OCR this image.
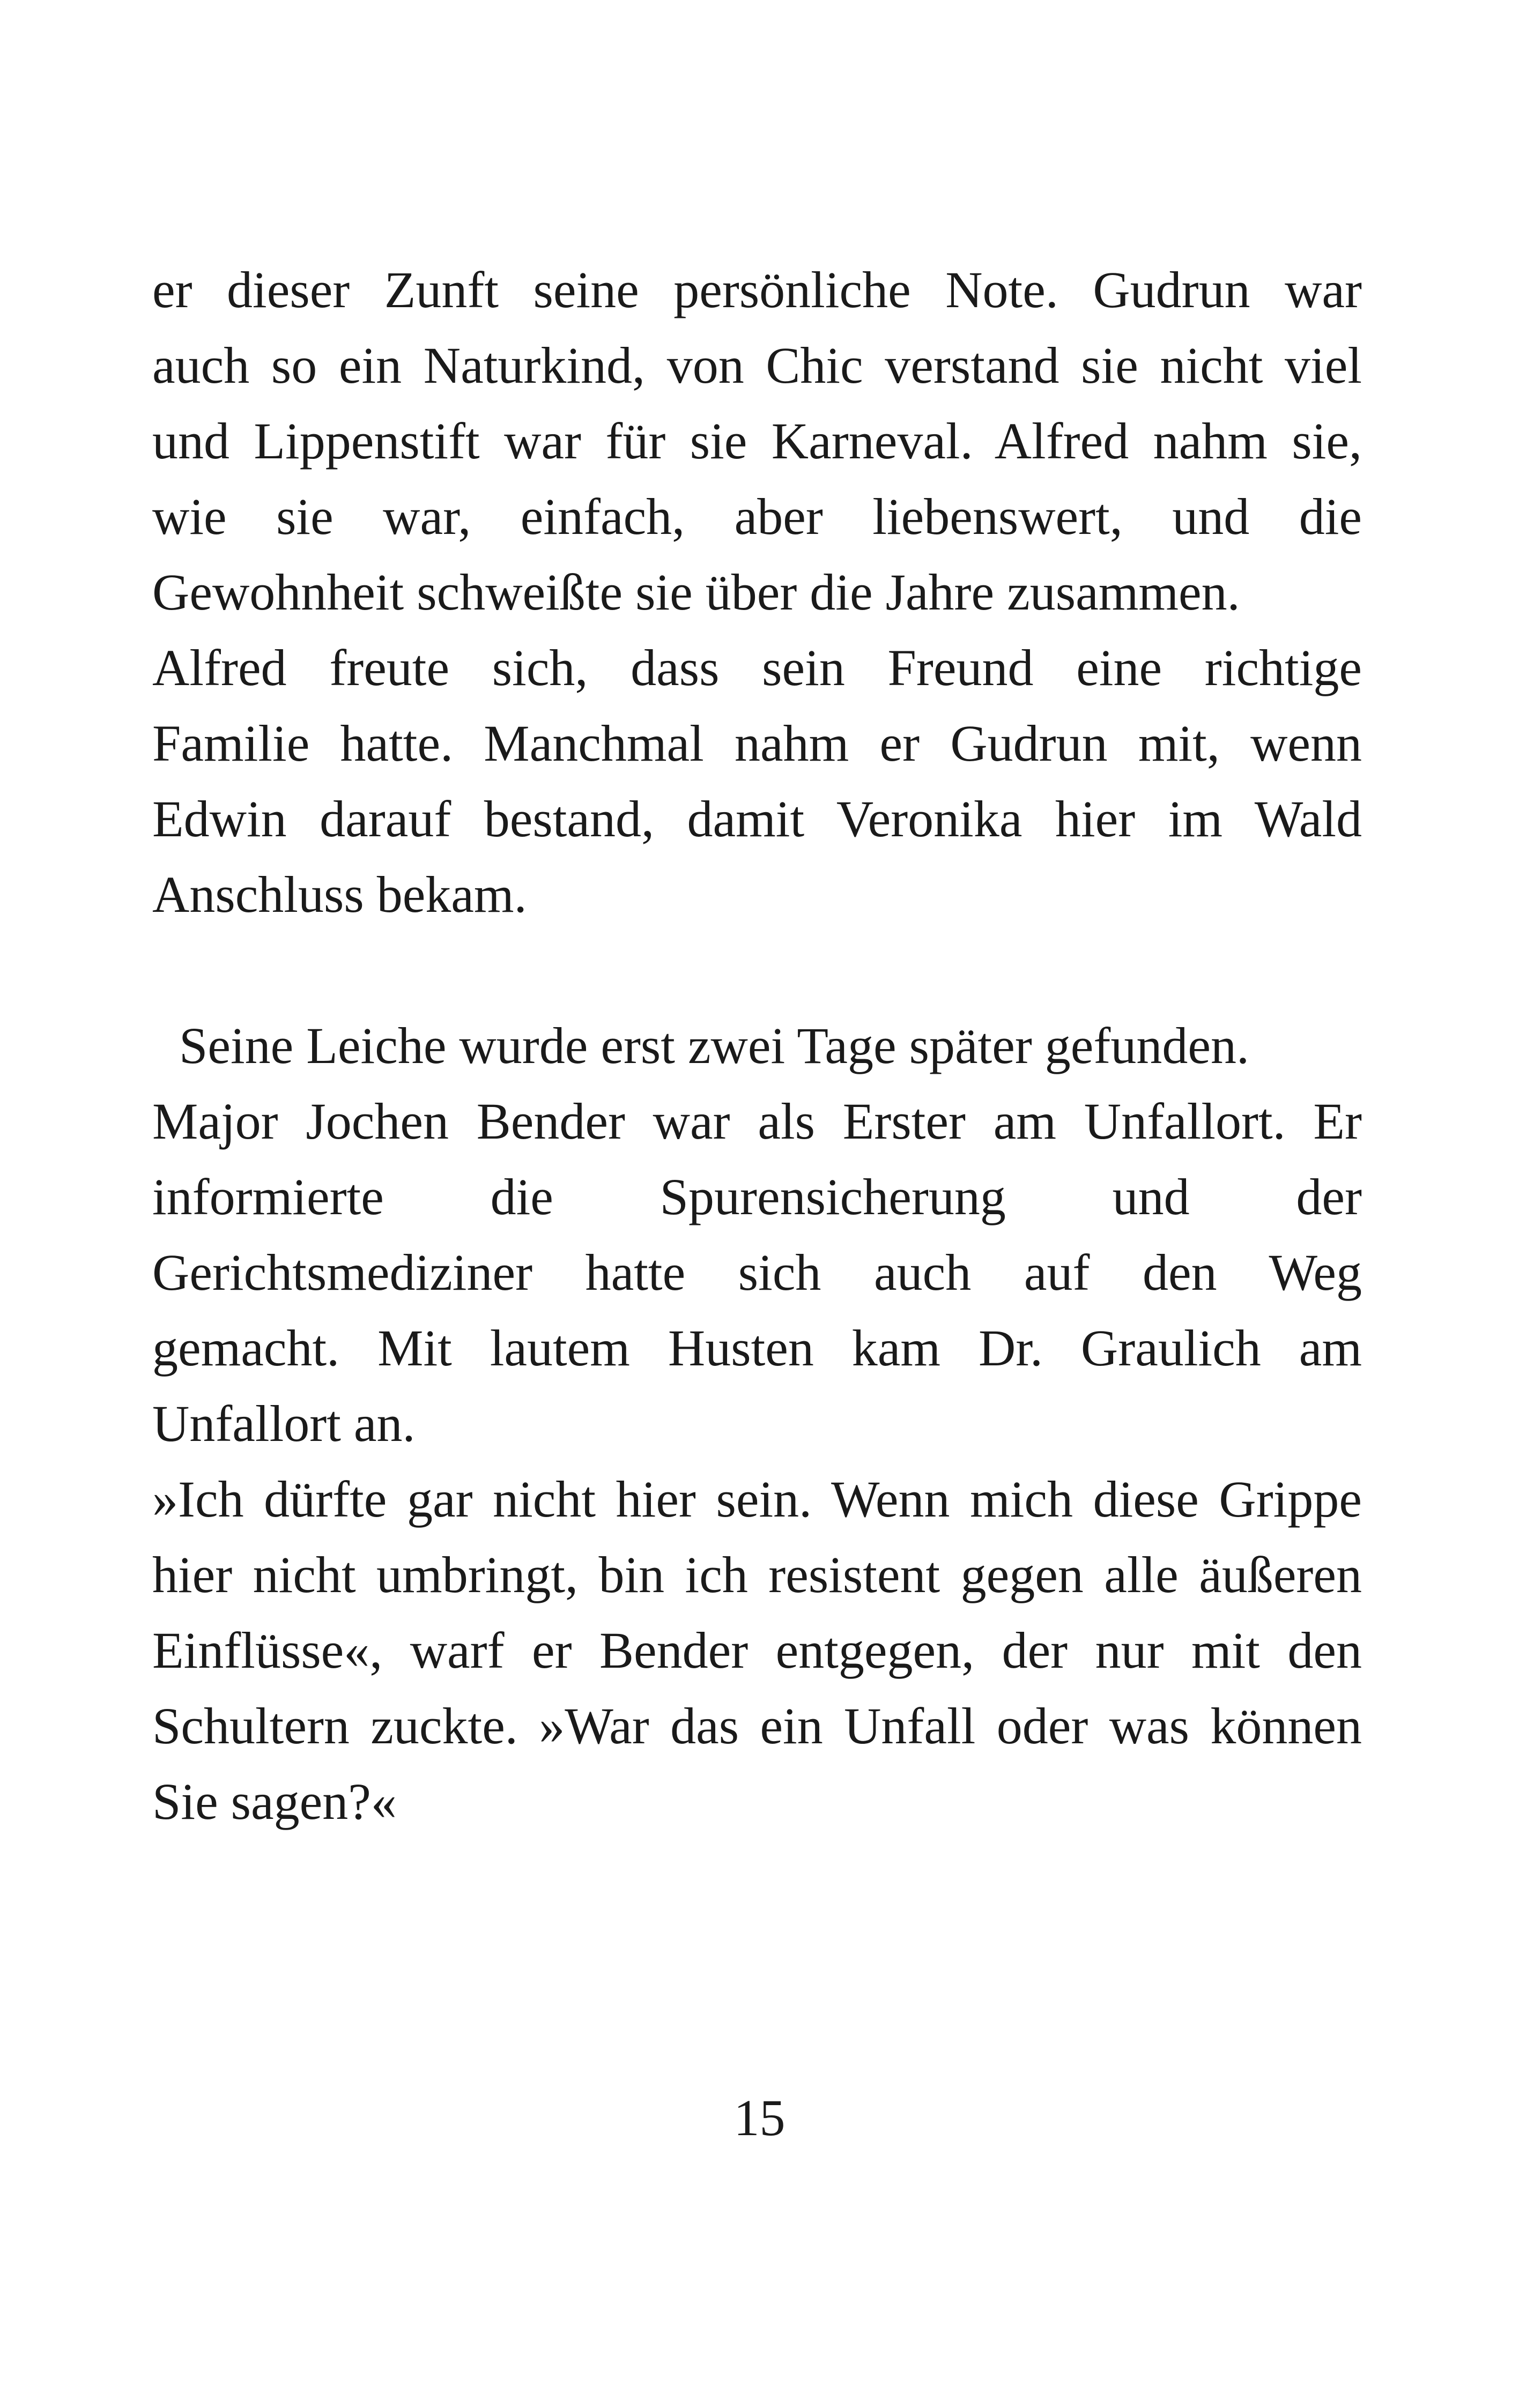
er dieser Zunft seine persönliche Note. Gudrun war
auch so ein Naturkind, von Chic verstand sie nicht viel
und Lippenstift war für sie Karneval. Alfred nahm sie,
wie sie war, einfach, aber liebenswert, und die
Gewohnheit schweißte sie über die Jahre zusammen.
Alfred freute sich, dass sein Freund eine richtige
Familie hatte. Manchmal nahm er Gudrun mit, wenn
Edwin darauf bestand, damit Veronika hier im Wald
Anschluss bekam.
Seine Leiche wurde erst zwei Tage später gefunden.
Major Jochen Bender war als Erster am Unfallort. Er
informierte die Spurensicherung und der
Gerichtsmediziner hatte sich auch auf den Weg
gemacht. Mit lautem Husten kam Dr. Graulich am
Unfallort an.
»Ich dürfte gar nicht hier sein. Wenn mich diese Grippe
hier nicht umbringt, bin ich resistent gegen alle äußeren
Einflüsse«, warf er Bender entgegen, der nur mit den
Schultern zuckte. »War das ein Unfall oder was können
Sie sagen?«
15
